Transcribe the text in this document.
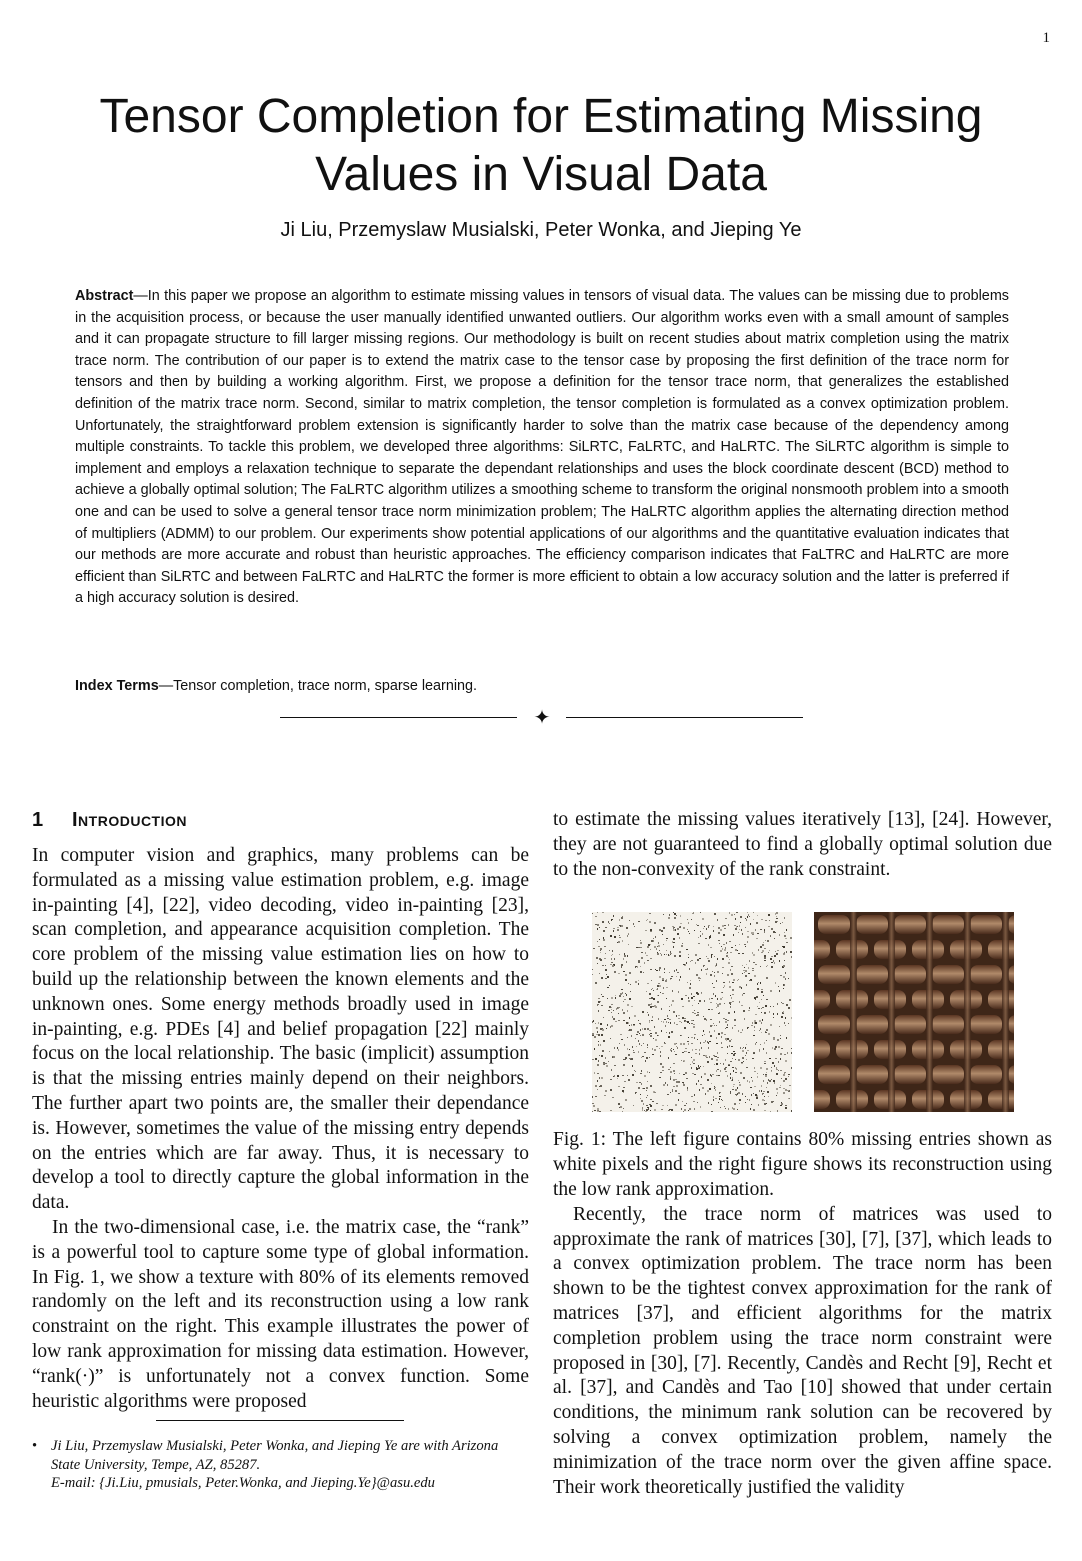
1
Tensor Completion for Estimating Missing Values in Visual Data
Ji Liu, Przemyslaw Musialski, Peter Wonka, and Jieping Ye

Abstract—In this paper we propose an algorithm to estimate missing values in tensors of visual data. The values can be missing due to problems in the acquisition process, or because the user manually identified unwanted outliers. Our algorithm works even with a small amount of samples and it can propagate structure to fill larger missing regions. Our methodology is built on recent studies about matrix completion using the matrix trace norm. The contribution of our paper is to extend the matrix case to the tensor case by proposing the first definition of the trace norm for tensors and then by building a working algorithm. First, we propose a definition for the tensor trace norm, that generalizes the established definition of the matrix trace norm. Second, similar to matrix completion, the tensor completion is formulated as a convex optimization problem. Unfortunately, the straightforward problem extension is significantly harder to solve than the matrix case because of the dependency among multiple constraints. To tackle this problem, we developed three algorithms: SiLRTC, FaLRTC, and HaLRTC. The SiLRTC algorithm is simple to implement and employs a relaxation technique to separate the dependant relationships and uses the block coordinate descent (BCD) method to achieve a globally optimal solution; The FaLRTC algorithm utilizes a smoothing scheme to transform the original nonsmooth problem into a smooth one and can be used to solve a general tensor trace norm minimization problem; The HaLRTC algorithm applies the alternating direction method of multipliers (ADMM) to our problem. Our experiments show potential applications of our algorithms and the quantitative evaluation indicates that our methods are more accurate and robust than heuristic approaches. The efficiency comparison indicates that FaLTRC and HaLRTC are more efficient than SiLRTC and between FaLRTC and HaLRTC the former is more efficient to obtain a low accuracy solution and the latter is preferred if a high accuracy solution is desired.

Index Terms—Tensor completion, trace norm, sparse learning.

✦
1 Introduction

In computer vision and graphics, many problems can be formulated as a missing value estimation problem, e.g. image in-painting [4], [22], video decoding, video in-painting [23], scan completion, and appearance acquisition completion. The core problem of the missing value estimation lies on how to build up the relationship between the known elements and the unknown ones. Some energy methods broadly used in image in-painting, e.g. PDEs [4] and belief propagation [22] mainly focus on the local relationship. The basic (implicit) assumption is that the missing entries mainly depend on their neighbors. The further apart two points are, the smaller their dependance is. However, sometimes the value of the missing entry depends on the entries which are far away. Thus, it is necessary to develop a tool to directly capture the global information in the data.

In the two-dimensional case, i.e. the matrix case, the “rank” is a powerful tool to capture some type of global information. In Fig. 1, we show a texture with 80% of its elements removed randomly on the left and its reconstruction using a low rank constraint on the right. This example illustrates the power of low rank approximation for missing data estimation. However, “rank(·)” is unfortunately not a convex function. Some heuristic algorithms were proposed

• Ji Liu, Przemyslaw Musialski, Peter Wonka, and Jieping Ye are with Arizona State University, Tempe, AZ, 85287.
E-mail: {Ji.Liu, pmusials, Peter.Wonka, and Jieping.Ye}@asu.edu

to estimate the missing values iteratively [13], [24]. However, they are not guaranteed to find a globally optimal solution due to the non-convexity of the rank constraint.

Fig. 1: The left figure contains 80% missing entries shown as white pixels and the right figure shows its reconstruction using the low rank approximation.

Recently, the trace norm of matrices was used to approximate the rank of matrices [30], [7], [37], which leads to a convex optimization problem. The trace norm has been shown to be the tightest convex approximation for the rank of matrices [37], and efficient algorithms for the matrix completion problem using the trace norm constraint were proposed in [30], [7]. Recently, Candès and Recht [9], Recht et al. [37], and Candès and Tao [10] showed that under certain conditions, the minimum rank solution can be recovered by solving a convex optimization problem, namely the minimization of the trace norm over the given affine space. Their work theoretically justified the validity
